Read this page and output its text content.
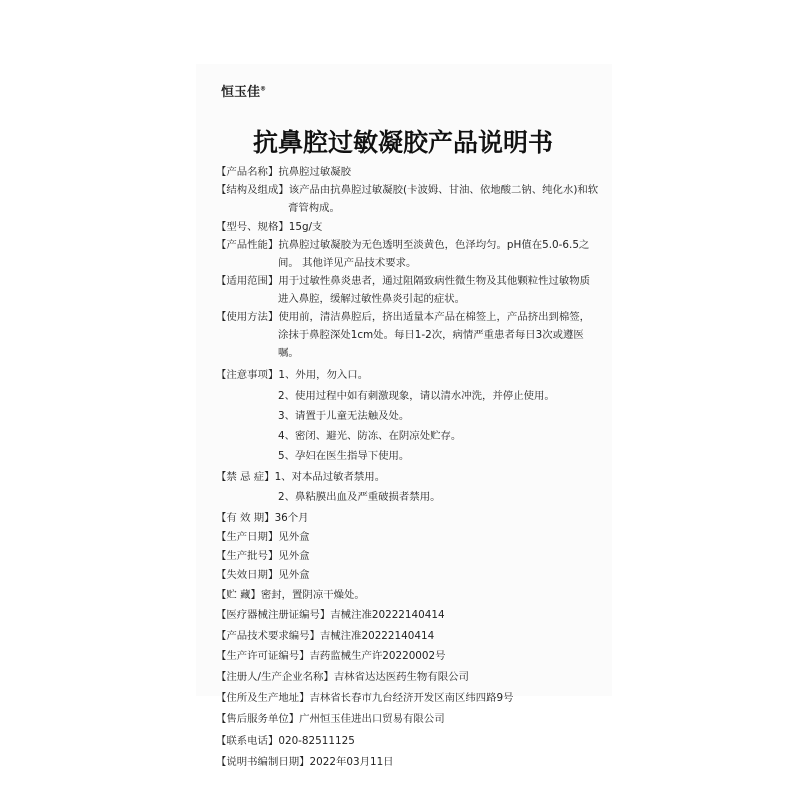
恒玉佳®
抗鼻腔过敏凝胶产品说明书
【产品名称】抗鼻腔过敏凝胶
【结构及组成】该产品由抗鼻腔过敏凝胶(卡波姆、甘油、依地酸二钠、纯化水)和软
膏管构成。
【型号、规格】15g/支
【产品性能】抗鼻腔过敏凝胶为无色透明至淡黄色，色泽均匀。pH值在5.0-6.5之
间。 其他详见产品技术要求。
【适用范围】用于过敏性鼻炎患者，通过阻隔致病性微生物及其他颗粒性过敏物质
进入鼻腔，缓解过敏性鼻炎引起的症状。
【使用方法】使用前，清洁鼻腔后，挤出适量本产品在棉签上，产品挤出到棉签，
涂抹于鼻腔深处1cm处。每日1-2次，病情严重患者每日3次或遵医
嘱。
【注意事项】1、外用，勿入口。
2、使用过程中如有刺激现象，请以清水冲洗，并停止使用。
3、请置于儿童无法触及处。
4、密闭、避光、防冻、在阴凉处贮存。
5、孕妇在医生指导下使用。
【禁 忌 症】1、对本品过敏者禁用。
2、鼻粘膜出血及严重破损者禁用。
【有 效 期】36个月
【生产日期】见外盒
【生产批号】见外盒
【失效日期】见外盒
【贮 藏】密封，置阴凉干燥处。
【医疗器械注册证编号】吉械注准20222140414
【产品技术要求编号】吉械注准20222140414
【生产许可证编号】吉药监械生产许20220002号
【注册人/生产企业名称】吉林省达达医药生物有限公司
【住所及生产地址】吉林省长春市九台经济开发区南区纬四路9号
【售后服务单位】广州恒玉佳进出口贸易有限公司
【联系电话】020-82511125
【说明书编制日期】2022年03月11日
